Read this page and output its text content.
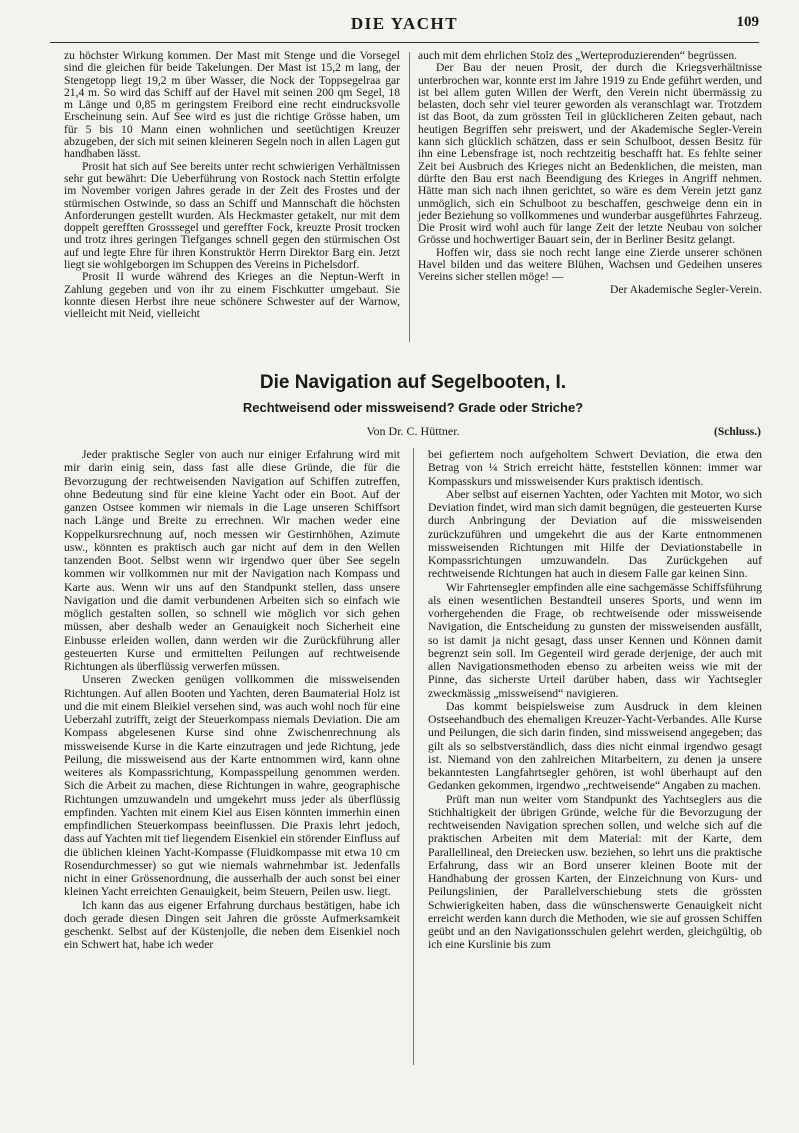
DIE YACHT	109

zu höchster Wirkung kommen. Der Mast mit Stenge und die Vorsegel sind die gleichen für beide Takelungen. Der Mast ist 15,2 m lang, der Stengetopp liegt 19,2 m über Wasser, die Nock der Toppsegelraa gar 21,4 m. So wird das Schiff auf der Havel mit seinen 200 qm Segel, 18 m Länge und 0,85 m geringstem Freibord eine recht eindrucksvolle Erscheinung sein. Auf See wird es just die richtige Grösse haben, um für 5 bis 10 Mann einen wohnlichen und seetüchtigen Kreuzer abzugeben, der sich mit seinen kleineren Segeln noch in allen Lagen gut handhaben lässt.

Prosit hat sich auf See bereits unter recht schwierigen Verhältnissen sehr gut bewährt: Die Ueberführung von Rostock nach Stettin erfolgte im November vorigen Jahres gerade in der Zeit des Frostes und der stürmischen Ostwinde, so dass an Schiff und Mannschaft die höchsten Anforderungen gestellt wurden. Als Heckmaster getakelt, nur mit dem doppelt gerefften Grosssegel und gereffter Fock, kreuzte Prosit trocken und trotz ihres geringen Tiefganges schnell gegen den stürmischen Ost auf und legte Ehre für ihren Konstruktör Herrn Direktor Barg ein. Jetzt liegt sie wohlgeborgen im Schuppen des Vereins in Pichelsdorf.

Prosit II wurde während des Krieges an die Neptun-Werft in Zahlung gegeben und von ihr zu einem Fischkutter umgebaut. Sie konnte diesen Herbst ihre neue schönere Schwester auf der Warnow, vielleicht mit Neid, vielleicht

auch mit dem ehrlichen Stolz des „Werteproduzierenden“ begrüssen.

Der Bau der neuen Prosit, der durch die Kriegsverhältnisse unterbrochen war, konnte erst im Jahre 1919 zu Ende geführt werden, und ist bei allem guten Willen der Werft, den Verein nicht übermässig zu belasten, doch sehr viel teurer geworden als veranschlagt war. Trotzdem ist das Boot, da zum grössten Teil in glücklicheren Zeiten gebaut, nach heutigen Begriffen sehr preiswert, und der Akademische Segler-Verein kann sich glücklich schätzen, dass er sein Schulboot, dessen Besitz für ihn eine Lebensfrage ist, noch rechtzeitig beschafft hat. Es fehlte seiner Zeit bei Ausbruch des Krieges nicht an Bedenklichen, die meisten, man dürfte den Bau erst nach Beendigung des Krieges in Angriff nehmen. Hätte man sich nach ihnen gerichtet, so wäre es dem Verein jetzt ganz unmöglich, sich ein Schulboot zu beschaffen, geschweige denn ein in jeder Beziehung so vollkommenes und wunderbar ausgeführtes Fahrzeug. Die Prosit wird wohl auch für lange Zeit der letzte Neubau von solcher Grösse und hochwertiger Bauart sein, der in Berliner Besitz gelangt.

Hoffen wir, dass sie noch recht lange eine Zierde unserer schönen Havel bilden und das weitere Blühen, Wachsen und Gedeihen unseres Vereins sicher stellen möge! —

Der Akademische Segler-Verein.

Die Navigation auf Segelbooten, I.
Rechtweisend oder missweisend? Grade oder Striche?
Von Dr. C. Hüttner.	(Schluss.)

Jeder praktische Segler von auch nur einiger Erfahrung wird mit mir darin einig sein, dass fast alle diese Gründe, die für die Bevorzugung der rechtweisenden Navigation auf Schiffen zutreffen, ohne Bedeutung sind für eine kleine Yacht oder ein Boot. Auf der ganzen Ostsee kommen wir niemals in die Lage unseren Schiffsort nach Länge und Breite zu errechnen. Wir machen weder eine Koppelkursrechnung auf, noch messen wir Gestirnhöhen, Azimute usw., könnten es praktisch auch gar nicht auf dem in den Wellen tanzenden Boot. Selbst wenn wir irgendwo quer über See segeln kommen wir vollkommen nur mit der Navigation nach Kompass und Karte aus. Wenn wir uns auf den Standpunkt stellen, dass unsere Navigation und die damit verbundenen Arbeiten sich so einfach wie möglich gestalten sollen, so schnell wie möglich vor sich gehen müssen, aber deshalb weder an Genauigkeit noch Sicherheit eine Einbusse erleiden wollen, dann werden wir die Zurückführung aller gesteuerten Kurse und ermittelten Peilungen auf rechtweisende Richtungen als überflüssig verwerfen müssen.

Unseren Zwecken genügen vollkommen die missweisenden Richtungen. Auf allen Booten und Yachten, deren Baumaterial Holz ist und die mit einem Bleikiel versehen sind, was auch wohl noch für eine Ueberzahl zutrifft, zeigt der Steuerkompass niemals Deviation. Die am Kompass abgelesenen Kurse sind ohne Zwischenrechnung als missweisende Kurse in die Karte einzutragen und jede Richtung, jede Peilung, die missweisend aus der Karte entnommen wird, kann ohne weiteres als Kompassrichtung, Kompasspeilung genommen werden. Sich die Arbeit zu machen, diese Richtungen in wahre, geographische Richtungen umzuwandeln und umgekehrt muss jeder als überflüssig empfinden. Yachten mit einem Kiel aus Eisen könnten immerhin einen empfindlichen Steuerkompass beeinflussen. Die Praxis lehrt jedoch, dass auf Yachten mit tief liegendem Eisenkiel ein störender Einfluss auf die üblichen kleinen Yacht-Kompasse (Fluidkompasse mit etwa 10 cm Rosendurchmesser) so gut wie niemals wahrnehmbar ist. Jedenfalls nicht in einer Grössenordnung, die ausserhalb der auch sonst bei einer kleinen Yacht erreichten Genauigkeit, beim Steuern, Peilen usw. liegt.

Ich kann das aus eigener Erfahrung durchaus bestätigen, habe ich doch gerade diesen Dingen seit Jahren die grösste Aufmerksamkeit geschenkt. Selbst auf der Küstenjolle, die neben dem Eisenkiel noch ein Schwert hat, habe ich weder

bei gefiertem noch aufgeholtem Schwert Deviation, die etwa den Betrag von ¼ Strich erreicht hätte, feststellen können: immer war Kompasskurs und missweisender Kurs praktisch identisch.

Aber selbst auf eisernen Yachten, oder Yachten mit Motor, wo sich Deviation findet, wird man sich damit begnügen, die gesteuerten Kurse durch Anbringung der Deviation auf die missweisenden zurückzuführen und umgekehrt die aus der Karte entnommenen missweisenden Richtungen mit Hilfe der Deviationstabelle in Kompassrichtungen umzuwandeln. Das Zurückgehen auf rechtweisende Richtungen hat auch in diesem Falle gar keinen Sinn.

Wir Fahrtensegler empfinden alle eine sachgemässe Schiffsführung als einen wesentlichen Bestandteil unseres Sports, und wenn im vorhergehenden die Frage, ob rechtweisende oder missweisende Navigation, die Entscheidung zu gunsten der missweisenden ausfällt, so ist damit ja nicht gesagt, dass unser Kennen und Können damit begrenzt sein soll. Im Gegenteil wird gerade derjenige, der auch mit allen Navigationsmethoden ebenso zu arbeiten weiss wie mit der Pinne, das sicherste Urteil darüber haben, dass wir Yachtsegler zweckmässig „missweisend“ navigieren.

Das kommt beispielsweise zum Ausdruck in dem kleinen Ostseehandbuch des ehemaligen Kreuzer-Yacht-Verbandes. Alle Kurse und Peilungen, die sich darin finden, sind missweisend angegeben; das gilt als so selbstverständlich, dass dies nicht einmal irgendwo gesagt ist. Niemand von den zahlreichen Mitarbeitern, zu denen ja unsere bekanntesten Langfahrtsegler gehören, ist wohl überhaupt auf den Gedanken gekommen, irgendwo „rechtweisende“ Angaben zu machen.

Prüft man nun weiter vom Standpunkt des Yachtseglers aus die Stichhaltigkeit der übrigen Gründe, welche für die Bevorzugung der rechtweisenden Navigation sprechen sollen, und welche sich auf die praktischen Arbeiten mit dem Material: mit der Karte, dem Parallellineal, den Dreiecken usw. beziehen, so lehrt uns die praktische Erfahrung, dass wir an Bord unserer kleinen Boote mit der Handhabung der grossen Karten, der Einzeichnung von Kurs- und Peilungslinien, der Parallelverschiebung stets die grössten Schwierigkeiten haben, dass die wünschenswerte Genauigkeit nicht erreicht werden kann durch die Methoden, wie sie auf grossen Schiffen geübt und an den Navigationsschulen gelehrt werden, gleichgültig, ob ich eine Kurslinie bis zum
